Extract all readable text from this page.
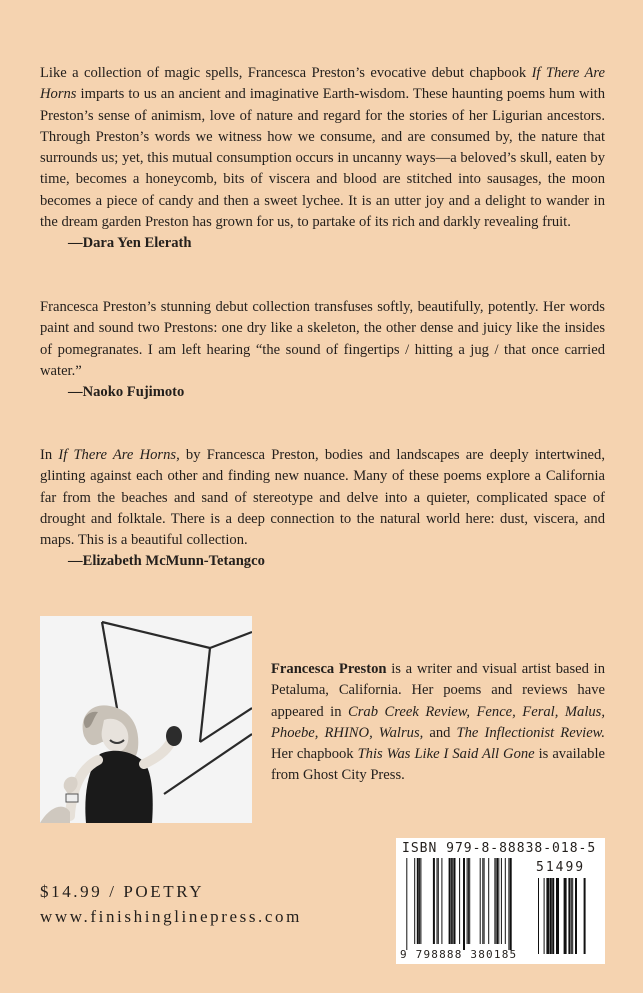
Like a collection of magic spells, Francesca Preston’s evocative debut chapbook If There Are Horns imparts to us an ancient and imaginative Earth-wisdom. These haunting poems hum with Preston’s sense of animism, love of nature and regard for the stories of her Ligurian ancestors. Through Preston’s words we witness how we consume, and are consumed by, the nature that surrounds us; yet, this mutual consumption occurs in uncanny ways—a beloved’s skull, eaten by time, becomes a honeycomb, bits of viscera and blood are stitched into sausages, the moon becomes a piece of candy and then a sweet lychee. It is an utter joy and a delight to wander in the dream garden Preston has grown for us, to partake of its rich and darkly revealing fruit.

—Dara Yen Elerath

Francesca Preston’s stunning debut collection transfuses softly, beautifully, potently. Her words paint and sound two Prestons: one dry like a skeleton, the other dense and juicy like the insides of pomegranates. I am left hearing “the sound of fingertips / hitting a jug / that once carried water.”

—Naoko Fujimoto

In If There Are Horns, by Francesca Preston, bodies and landscapes are deeply intertwined, glinting against each other and finding new nuance. Many of these poems explore a California far from the beaches and sand of stereotype and delve into a quieter, complicated space of drought and folktale. There is a deep connection to the natural world here: dust, viscera, and maps. This is a beautiful collection.

—Elizabeth McMunn-Tetangco
Francesca Preston is a writer and visual artist based in Petaluma, California. Her poems and reviews have appeared in Crab Creek Review, Fence, Feral, Malus, Phoebe, RHINO, Walrus, and The Inflectionist Review. Her chapbook This Was Like I Said All Gone is available from Ghost City Press.
$14.99 / POETRY
www.finishinglinepress.com
ISBN 979-8-88838-018-5
51499
9 798888 380185
